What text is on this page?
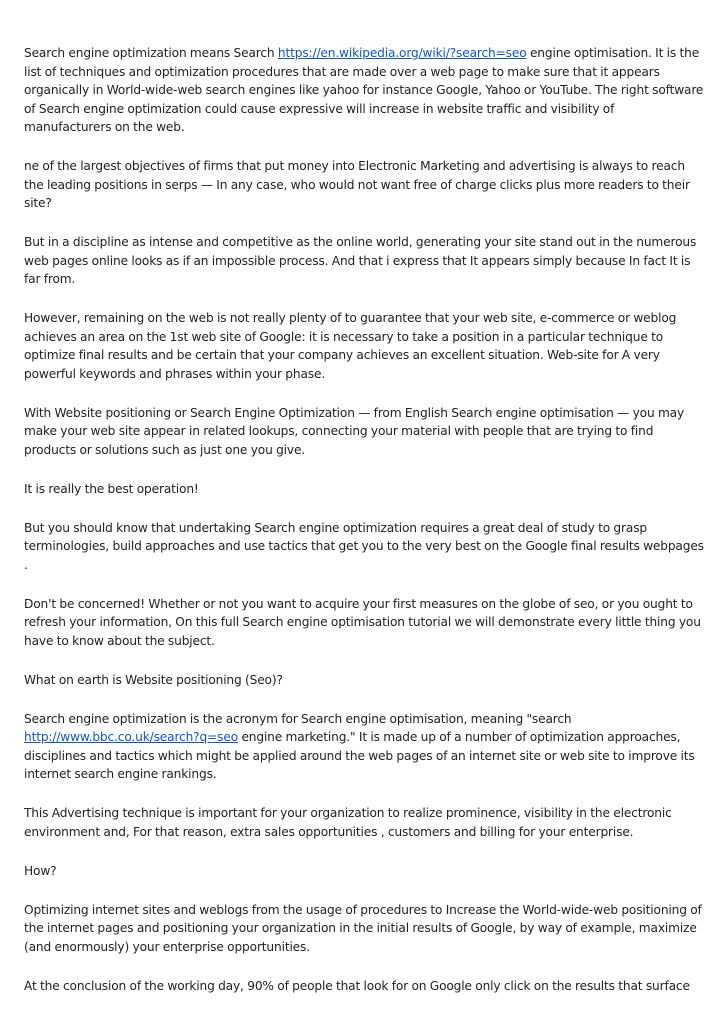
Search engine optimization means Search https://en.wikipedia.org/wiki/?search=seo engine optimisation. It is the list of techniques and optimization procedures that are made over a web page to make sure that it appears organically in World-wide-web search engines like yahoo for instance Google, Yahoo or YouTube. The right software of Search engine optimization could cause expressive will increase in website traffic and visibility of manufacturers on the web.

ne of the largest objectives of firms that put money into Electronic Marketing and advertising is always to reach the leading positions in serps — In any case, who would not want free of charge clicks plus more readers to their site?

But in a discipline as intense and competitive as the online world, generating your site stand out in the numerous web pages online looks as if an impossible process. And that i express that It appears simply because In fact It is far from.

However, remaining on the web is not really plenty of to guarantee that your web site, e-commerce or weblog achieves an area on the 1st web site of Google: it is necessary to take a position in a particular technique to optimize final results and be certain that your company achieves an excellent situation. Web-site for A very powerful keywords and phrases within your phase.

With Website positioning or Search Engine Optimization — from English Search engine optimisation — you may make your web site appear in related lookups, connecting your material with people that are trying to find products or solutions such as just one you give.

It is really the best operation!

But you should know that undertaking Search engine optimization requires a great deal of study to grasp terminologies, build approaches and use tactics that get you to the very best on the Google final results webpages .

Don't be concerned! Whether or not you want to acquire your first measures on the globe of seo, or you ought to refresh your information, On this full Search engine optimisation tutorial we will demonstrate every little thing you have to know about the subject.

What on earth is Website positioning (Seo)?

Search engine optimization is the acronym for Search engine optimisation, meaning "search http://www.bbc.co.uk/search?q=seo engine marketing." It is made up of a number of optimization approaches, disciplines and tactics which might be applied around the web pages of an internet site or web site to improve its internet search engine rankings.

This Advertising technique is important for your organization to realize prominence, visibility in the electronic environment and, For that reason, extra sales opportunities , customers and billing for your enterprise.

How?

Optimizing internet sites and weblogs from the usage of procedures to Increase the World-wide-web positioning of the internet pages and positioning your organization in the initial results of Google, by way of example, maximize (and enormously) your enterprise opportunities.

At the conclusion of the working day, 90% of people that look for on Google only click on the results that surface
